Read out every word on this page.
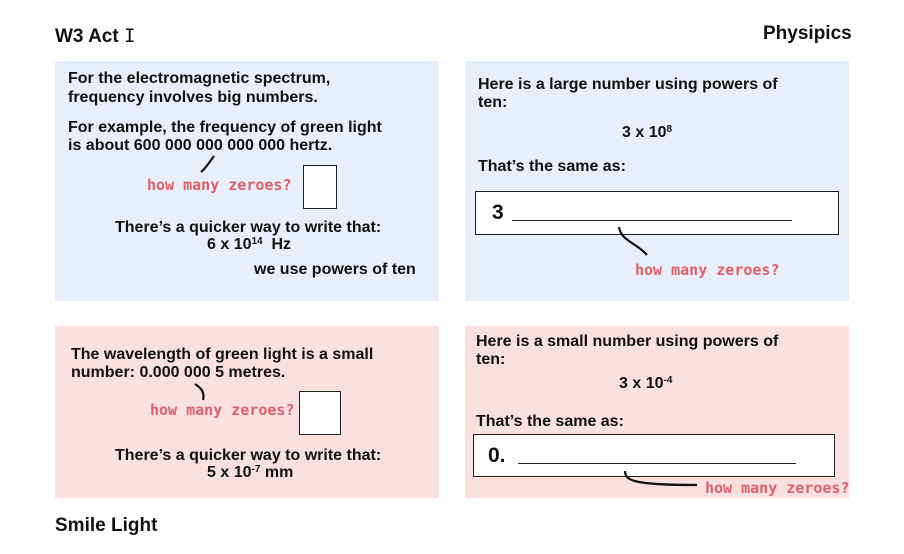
W3 Act I	Physipics
For the electromagnetic spectrum,
frequency involves big numbers.
For example, the frequency of green light
is about 600 000 000 000 000 hertz.
how many zeroes?
There’s a quicker way to write that:
6 x $10^{14}$ Hz
we use powers of ten
Here is a large number using powers of
ten:
3 x $10^8$
That’s the same as:
3
how many zeroes?
The wavelength of green light is a small
number: 0.000 000 5 metres.
how many zeroes?
There’s a quicker way to write that:
5 x $10^{-7}$ mm
Here is a small number using powers of
ten:
3 x $10^{-4}$
That’s the same as:
0.
how many zeroes?
Smile Light
